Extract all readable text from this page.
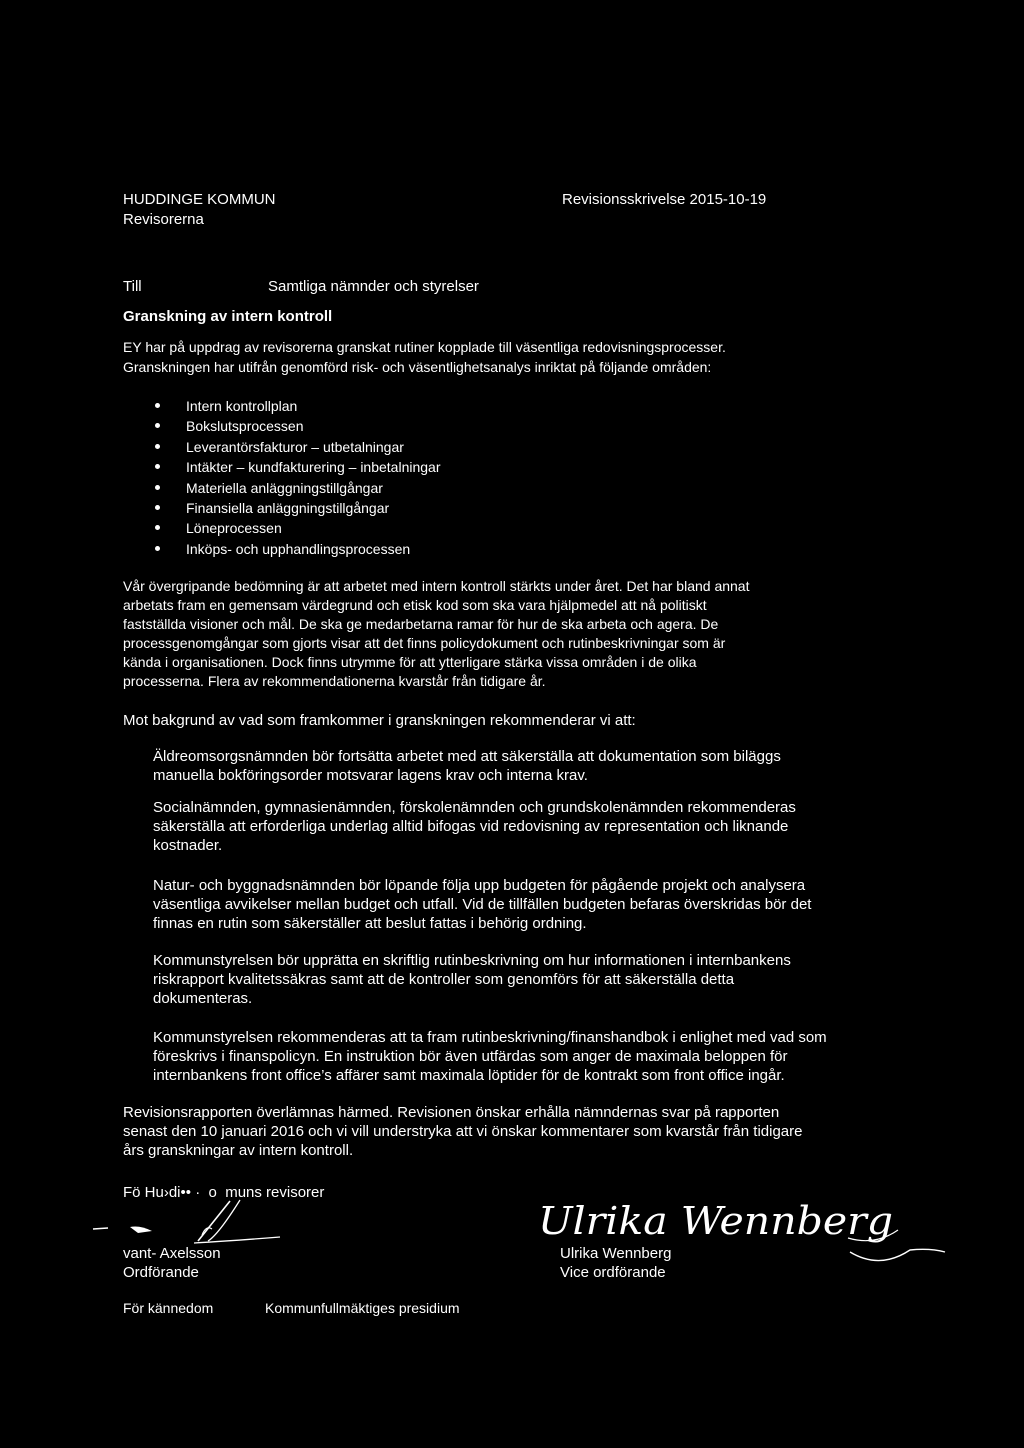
HUDDINGE KOMMUN
Revisorerna
Revisionsskrivelse 2015-10-19
Till	Samtliga nämnder och styrelser
Granskning av intern kontroll
EY har på uppdrag av revisorerna granskat rutiner kopplade till väsentliga redovisningsprocesser.
Granskningen har utifrån genomförd risk- och väsentlighetsanalys inriktat på följande områden:
Intern kontrollplan
Bokslutsprocessen
Leverantörsfakturor – utbetalningar
Intäkter – kundfakturering – inbetalningar
Materiella anläggningstillgångar
Finansiella anläggningstillgångar
Löneprocessen
Inköps- och upphandlingsprocessen
Vår övergripande bedömning är att arbetet med intern kontroll stärkts under året. Det har bland annat
arbetats fram en gemensam värdegrund och etisk kod som ska vara hjälpmedel att nå politiskt
fastställda visioner och mål. De ska ge medarbetarna ramar för hur de ska arbeta och agera. De
processgenomgångar som gjorts visar att det finns policydokument och rutinbeskrivningar som är
kända i organisationen. Dock finns utrymme för att ytterligare stärka vissa områden i de olika
processerna. Flera av rekommendationerna kvarstår från tidigare år.
Mot bakgrund av vad som framkommer i granskningen rekommenderar vi att:
Äldreomsorgsnämnden bör fortsätta arbetet med att säkerställa att dokumentation som biläggs
manuella bokföringsorder motsvarar lagens krav och interna krav.
Socialnämnden, gymnasienämnden, förskolenämnden och grundskolenämnden rekommenderas
säkerställa att erforderliga underlag alltid bifogas vid redovisning av representation och liknande
kostnader.
Natur- och byggnadsnämnden bör löpande följa upp budgeten för pågående projekt och analysera
väsentliga avvikelser mellan budget och utfall. Vid de tillfällen budgeten befaras överskridas bör det
finnas en rutin som säkerställer att beslut fattas i behörig ordning.
Kommunstyrelsen bör upprätta en skriftlig rutinbeskrivning om hur informationen i internbankens
riskrapport kvalitetssäkras samt att de kontroller som genomförs för att säkerställa detta
dokumenteras.
Kommunstyrelsen rekommenderas att ta fram rutinbeskrivning/finanshandbok i enlighet med vad som
föreskrivs i finanspolicyn. En instruktion bör även utfärdas som anger de maximala beloppen för
internbankens front office’s affärer samt maximala löptider för de kontrakt som front office ingår.
Revisionsrapporten överlämnas härmed. Revisionen önskar erhålla nämndernas svar på rapporten
senast den 10 januari 2016 och vi vill understryka att vi önskar kommentarer som kvarstår från tidigare
års granskningar av intern kontroll.
Fö Hu›di•• ·  o  muns revisorer
vant- Axelsson
Ordförande
Ulrika Wennberg
Ulrika Wennberg
Vice ordförande
För kännedom	Kommunfullmäktiges presidium
